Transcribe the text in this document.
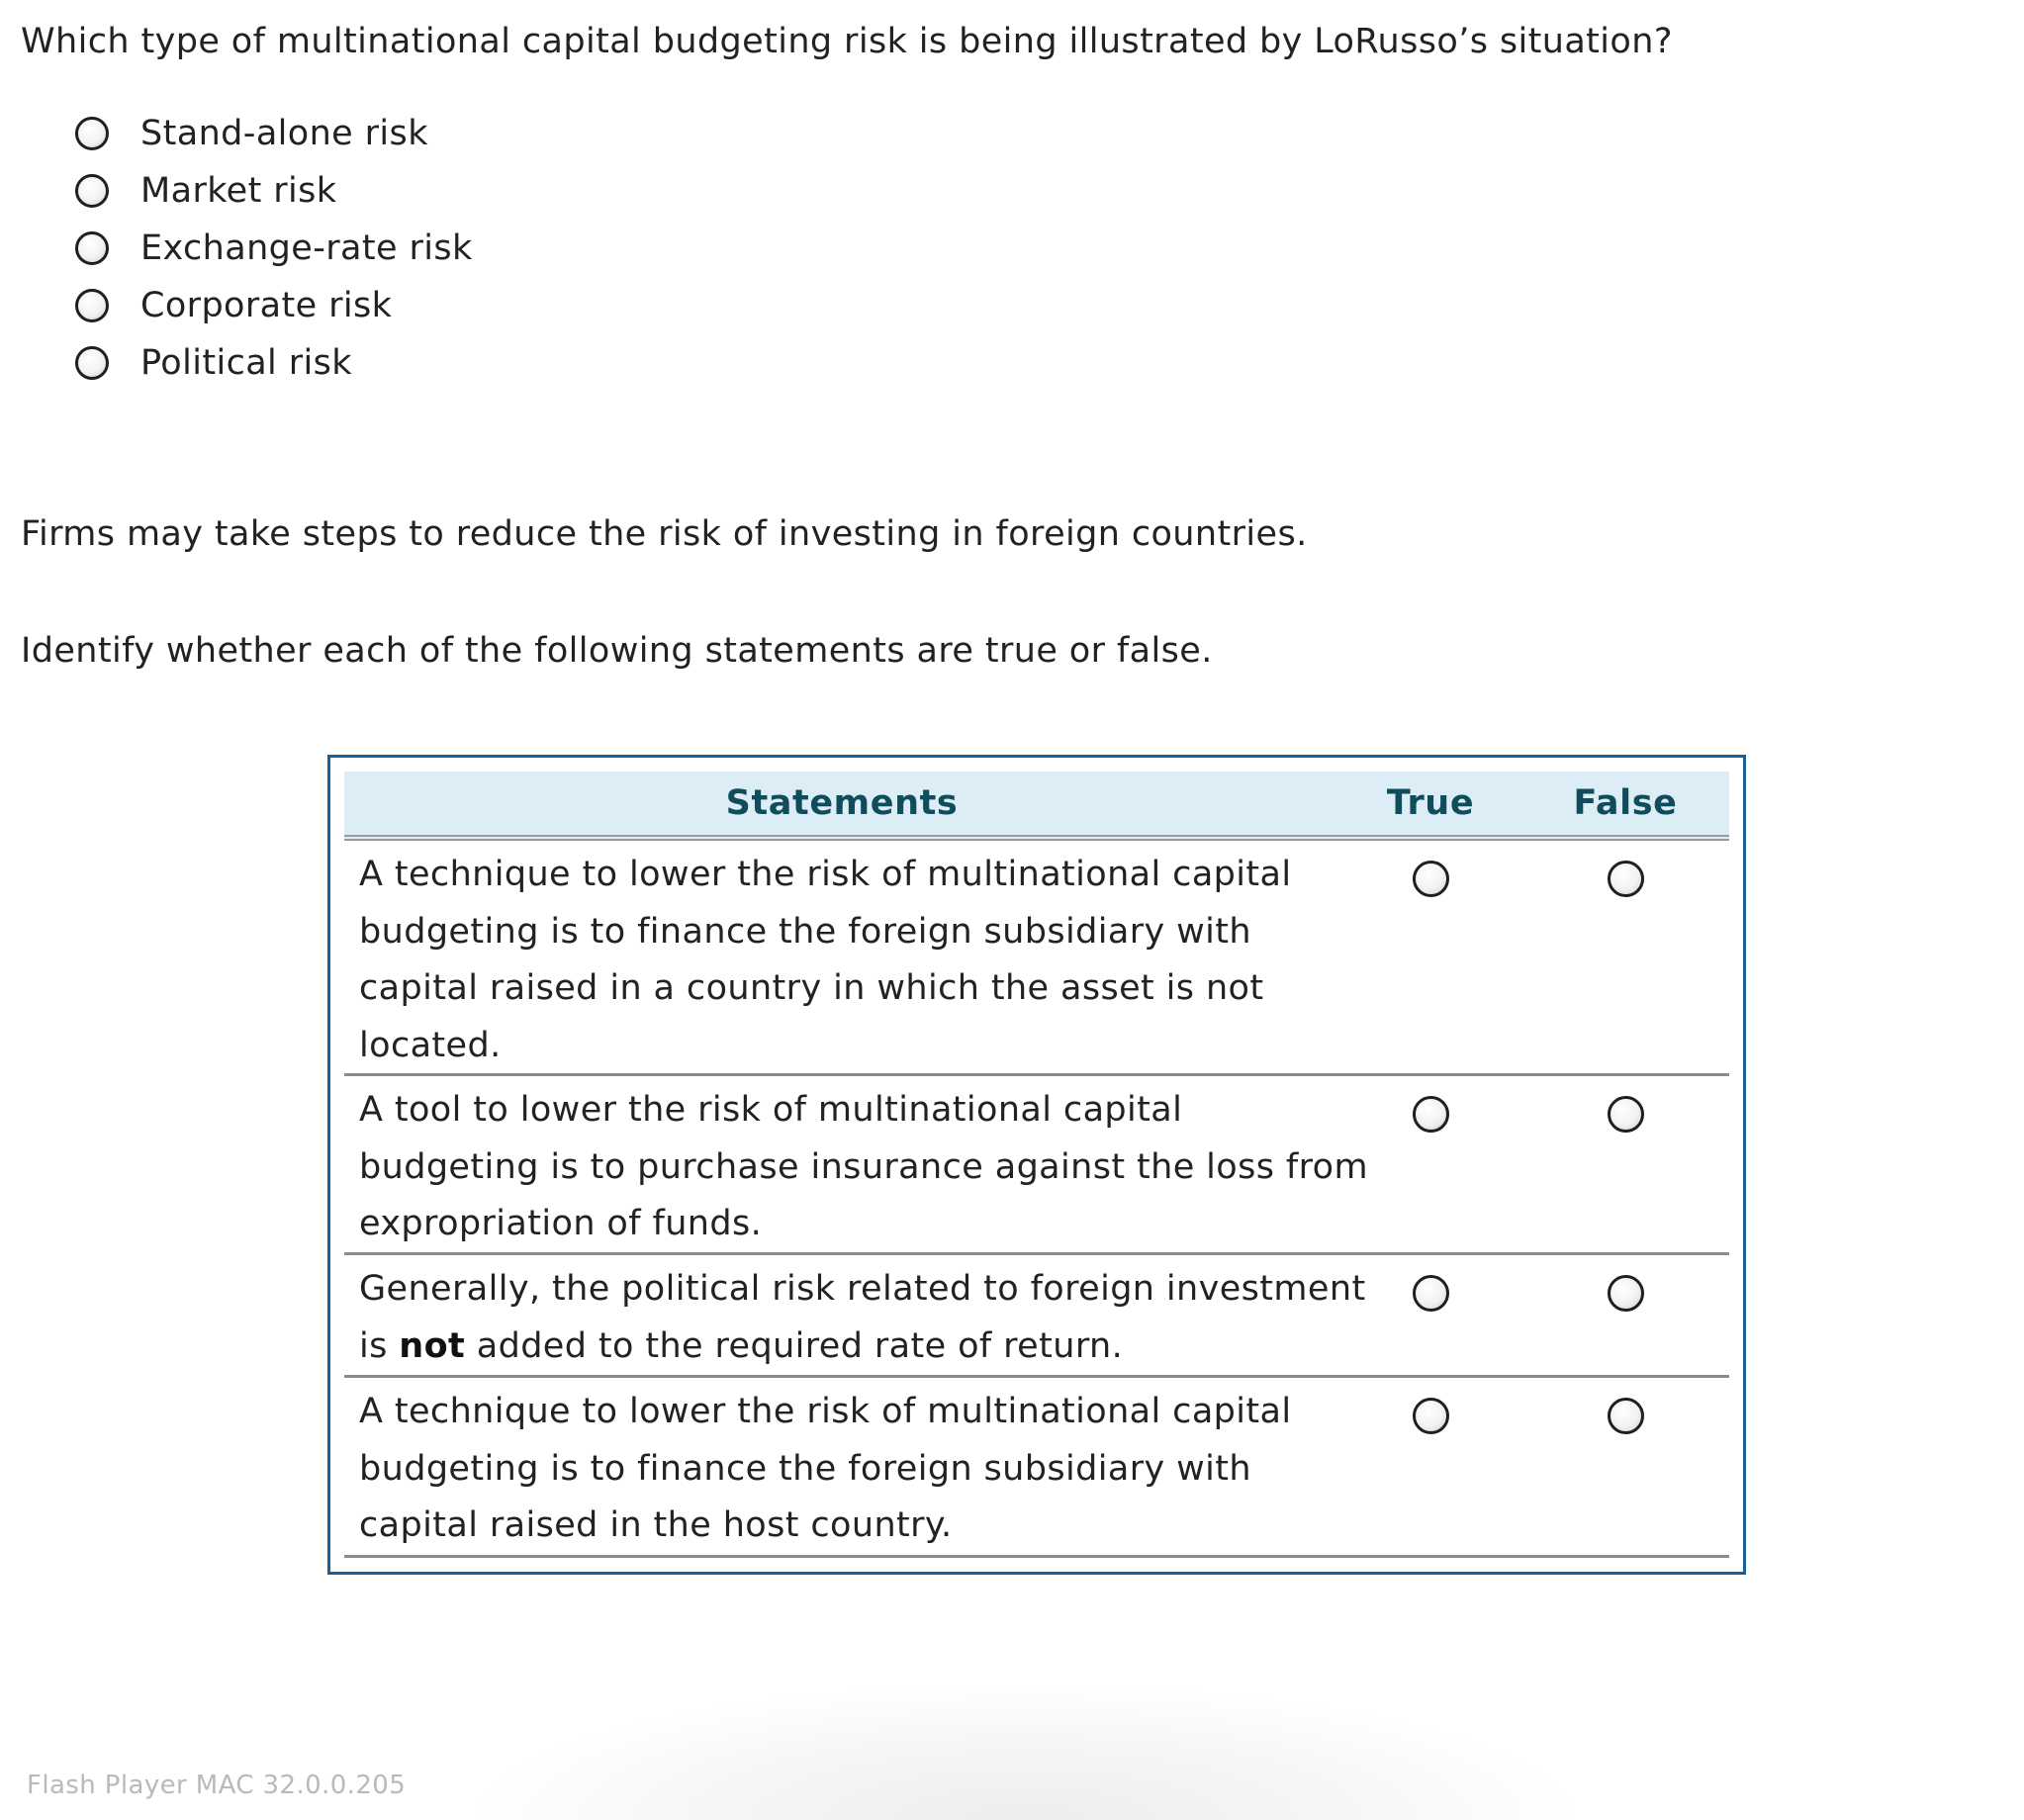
Which type of multinational capital budgeting risk is being illustrated by LoRusso’s situation?

Stand-alone risk
Market risk
Exchange-rate risk
Corporate risk
Political risk

Firms may take steps to reduce the risk of investing in foreign countries.

Identify whether each of the following statements are true or false.

Statements	True	False
A technique to lower the risk of multinational capital
budgeting is to finance the foreign subsidiary with
capital raised in a country in which the asset is not
located.
A tool to lower the risk of multinational capital
budgeting is to purchase insurance against the loss from
expropriation of funds.
Generally, the political risk related to foreign investment
is not added to the required rate of return.
A technique to lower the risk of multinational capital
budgeting is to finance the foreign subsidiary with
capital raised in the host country.
Flash Player MAC 32.0.0.205
